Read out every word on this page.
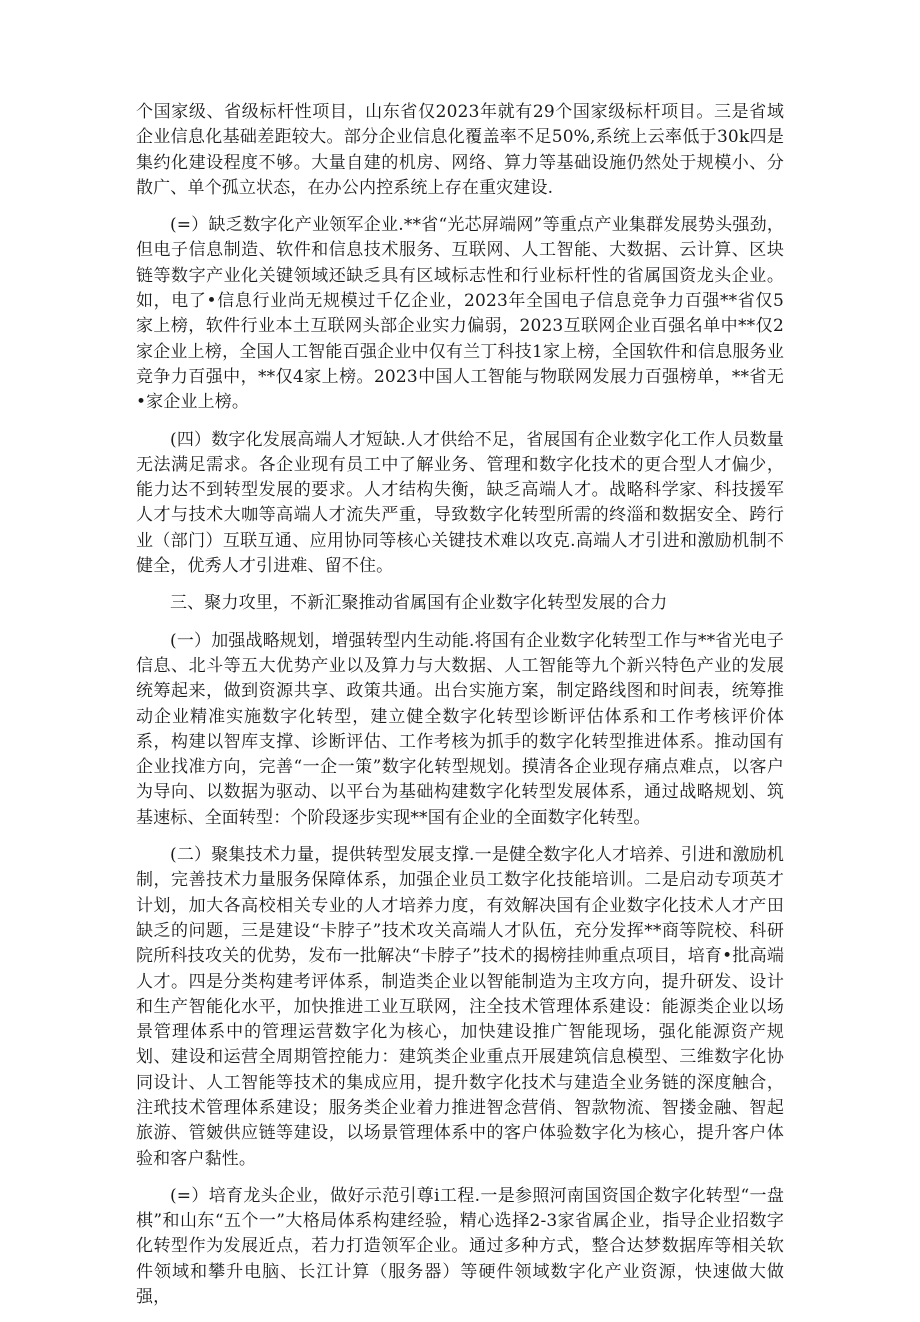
个国家级、省级标杆性项目，山东省仅2023年就有29个国家级标杆项目。三是省域企业信息化基础差距较大。部分企业信息化覆盖率不足50%,系统上云率低于30k四是集约化建设程度不够。大量自建的机房、网络、算力等基础设施仍然处于规模小、分散广、单个孤立状态，在办公内控系统上存在重灾建设.

(=）缺乏数字化产业领军企业.**省“光芯屏端网”等重点产业集群发展势头强劲，但电子信息制造、软件和信息技术服务、互联网、人工智能、大数据、云计算、区块链等数字产业化关键领域还缺乏具有区域标志性和行业标杆性的省属国资龙头企业。如，电了•信息行业尚无规模过千亿企业，2023年全国电子信息竞争力百强**省仅5家上榜，软件行业本土互联网头部企业实力偏弱，2023互联网企业百强名单中**仅2家企业上榜，全国人工智能百强企业中仅有兰丁科技1家上榜，全国软件和信息服务业竞争力百强中，**仅4家上榜。2023中国人工智能与物联网发展力百强榜单，**省无•家企业上榜。

(四）数字化发展高端人才短缺.人才供给不足，省展国有企业数字化工作人员数量无法满足需求。各企业现有员工中了解业务、管理和数字化技术的更合型人才偏少，能力达不到转型发展的要求。人才结构失衡，缺乏高端人才。战略科学家、科技援军人才与技术大咖等高端人才流失严重，导致数字化转型所需的终淄和数据安全、跨行业（部门）互联互通、应用协同等核心关键技术难以攻克.高端人才引进和激励机制不健全，优秀人才引进难、留不住。

三、聚力攻里，不新汇聚推动省属国有企业数字化转型发展的合力

(一）加强战略规划，增强转型内生动能.将国有企业数字化转型工作与**省光电子信息、北斗等五大优势产业以及算力与大数据、人工智能等九个新兴特色产业的发展统筹起来，做到资源共享、政策共通。出台实施方案，制定路线图和时间表，统筹推动企业精准实施数字化转型，建立健全数字化转型诊断评估体系和工作考核评价体系，构建以智库支撑、诊断评估、工作考核为抓手的数字化转型推进体系。推动国有企业找准方向，完善“一企一策”数字化转型规划。摸清各企业现存痛点难点，以客户为导向、以数据为驱动、以平台为基础构建数字化转型发展体系，通过战略规划、筑基速标、全面转型：个阶段逐步实现**国有企业的全面数字化转型。

(二）聚集技术力量，提供转型发展支撑.一是健全数字化人才培养、引进和激励机制，完善技术力量服务保障体系，加强企业员工数字化技能培训。二是启动专项英才计划，加大各高校相关专业的人才培养力度，有效解决国有企业数字化技术人才产田缺乏的问题，三是建设“卡脖子”技术攻关高端人才队伍，充分发挥**商等院校、科研院所科技攻关的优势，发布一批解决“卡脖子”技术的揭榜挂帅重点项目，培育•批高端人才。四是分类构建考评体系，制造类企业以智能制造为主攻方向，提升研发、设计和生产智能化水平，加快推进工业互联网，注全技术管理体系建设：能源类企业以场景管理体系中的管理运营数字化为核心，加快建设推广智能现场，强化能源资产规划、建设和运营全周期管控能力：建筑类企业重点开展建筑信息模型、三维数字化协同设计、人工智能等技术的集成应用，提升数字化技术与建造全业务链的深度触合，注玳技术管理体系建设；服务类企业着力推进智念营俏、智款物流、智搂金融、智起旅游、管皴供应链等建设，以场景管理体系中的客户体验数字化为核心，提升客户体验和客户黏性。

(=）培育龙头企业，做好示范引尊i工程.一是参照河南国资国企数字化转型“一盘棋”和山东“五个一”大格局体系构建经验，精心选择2-3家省属企业，指导企业招数字化转型作为发展近点，若力打造领军企业。通过多种方式，整合达梦数据库等相关软件领域和攀升电脑、长江计算（服务器）等硬件领域数字化产业资源，快速做大做强，
